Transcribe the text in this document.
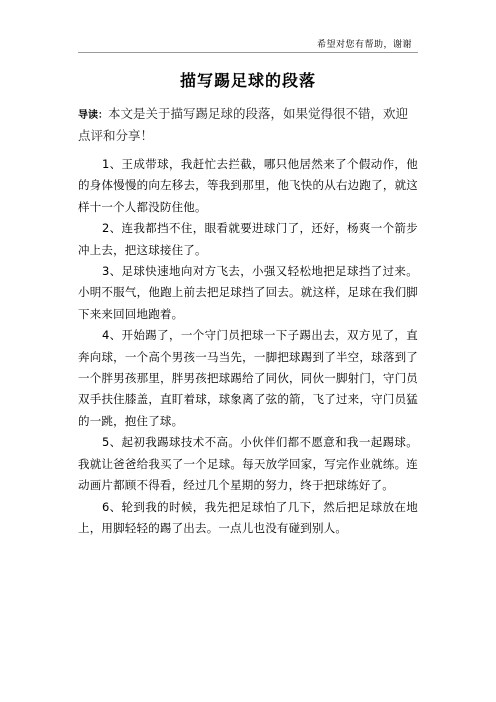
希望对您有帮助，谢谢
描写踢足球的段落
导读：本文是关于描写踢足球的段落，如果觉得很不错，欢迎点评和分享！

1、王成带球，我赶忙去拦截，哪只他居然来了个假动作，他的身体慢慢的向左移去，等我到那里，他飞快的从右边跑了，就这样十一个人都没防住他。

2、连我都挡不住，眼看就要进球门了，还好，杨爽一个箭步冲上去，把这球接住了。

3、足球快速地向对方飞去，小强又轻松地把足球挡了过来。小明不服气，他跑上前去把足球挡了回去。就这样，足球在我们脚下来来回回地跑着。

4、开始踢了，一个守门员把球一下子踢出去，双方见了，直奔向球，一个高个男孩一马当先，一脚把球踢到了半空，球落到了一个胖男孩那里，胖男孩把球踢给了同伙，同伙一脚射门，守门员双手扶住膝盖，直盯着球，球象离了弦的箭，飞了过来，守门员猛的一跳，抱住了球。

5、起初我踢球技术不高。小伙伴们都不愿意和我一起踢球。我就让爸爸给我买了一个足球。每天放学回家，写完作业就练。连动画片都顾不得看，经过几个星期的努力，终于把球练好了。

6、轮到我的时候，我先把足球怕了几下，然后把足球放在地上，用脚轻轻的踢了出去。一点儿也没有碰到别人。
